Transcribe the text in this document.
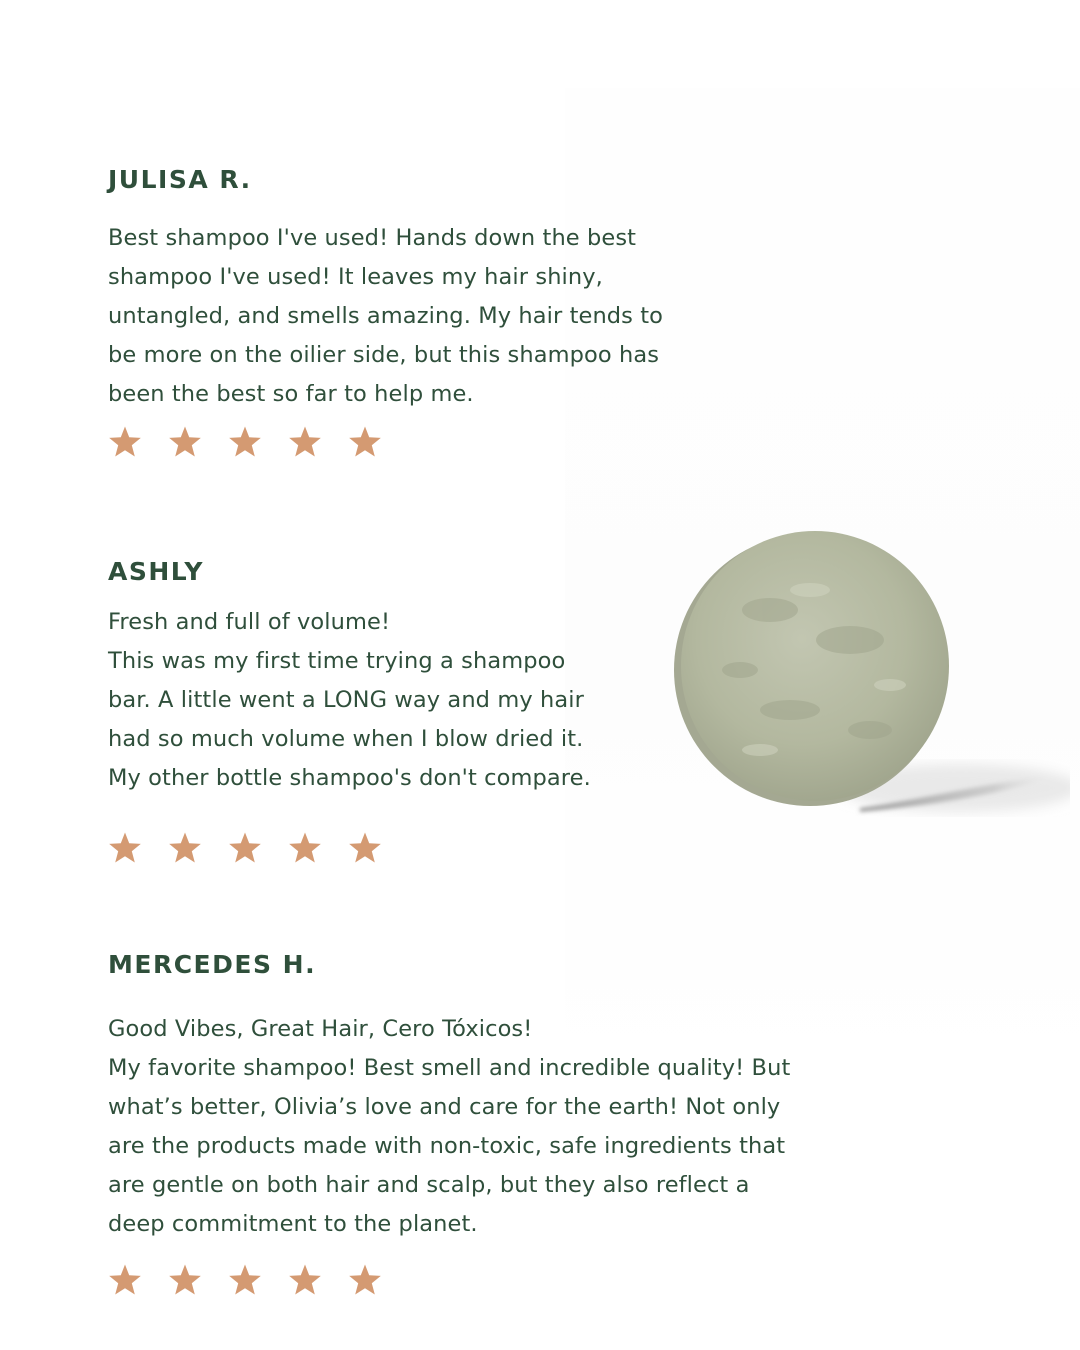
JULISA R.

Best shampoo I've used! Hands down the best

shampoo I've used! It leaves my hair shiny,

untangled, and smells amazing. My hair tends to

be more on the oilier side, but this shampoo has

been the best so far to help me.

ASHLY

Fresh and full of volume!

This was my first time trying a shampoo

bar. A little went a LONG way and my hair

had so much volume when I blow dried it.

My other bottle shampoo's don't compare.

MERCEDES H.

Good Vibes, Great Hair, Cero Tóxicos!

My favorite shampoo! Best smell and incredible quality! But

what’s better, Olivia’s love and care for the earth! Not only

are the products made with non-toxic, safe ingredients that

are gentle on both hair and scalp, but they also reflect a

deep commitment to the planet.
